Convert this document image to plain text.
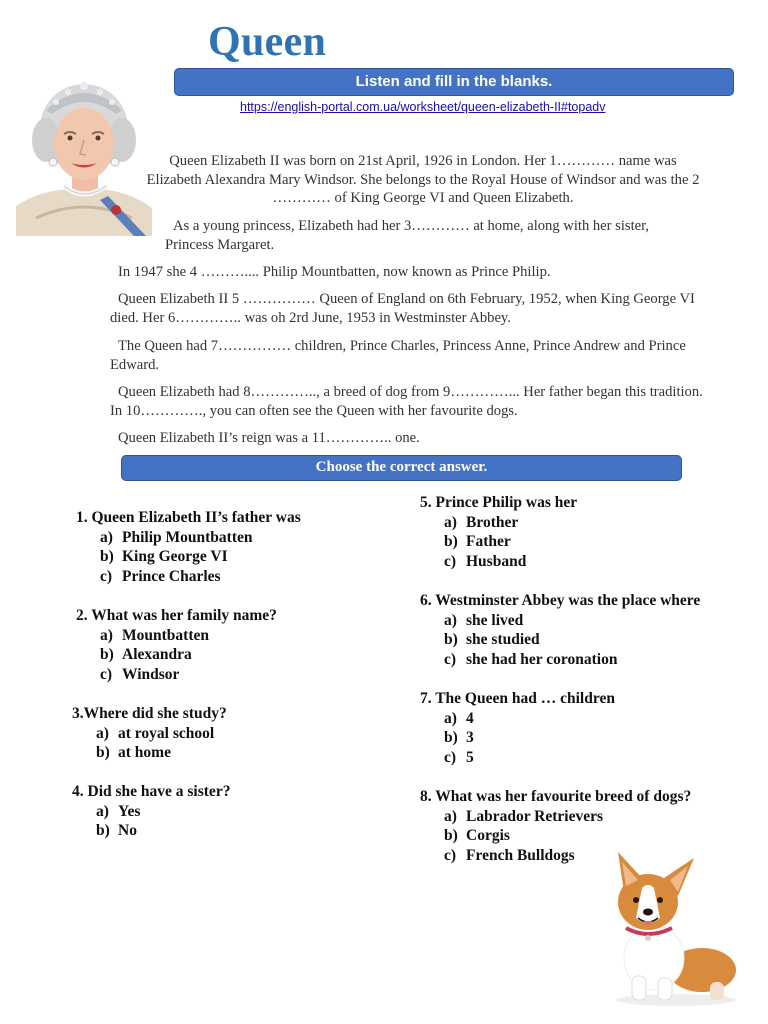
Queen
Listen and fill in the blanks.
https://english-portal.com.ua/worksheet/queen-elizabeth-II#topadv
Queen Elizabeth II was born on 21st April, 1926 in London. Her 1………… name was Elizabeth Alexandra Mary Windsor. She belongs to the Royal House of Windsor and was the 2 ………… of King George VI and Queen Elizabeth.
As a young princess, Elizabeth had her 3………… at home, along with her sister, Princess Margaret.
In 1947 she 4 ……….... Philip Mountbatten, now known as Prince Philip.
Queen Elizabeth II 5 …………… Queen of England on 6th February, 1952, when King George VI died. Her 6………….. was oh 2rd June, 1953 in Westminster Abbey.
The Queen had 7…………… children, Prince Charles, Princess Anne, Prince Andrew and Prince Edward.
Queen Elizabeth had 8………….., a breed of dog from 9…………... Her father began this tradition. In 10…………., you can often see the Queen with her favourite dogs.
Queen Elizabeth II’s reign was a 11………….. one.
Choose the correct answer.
1. Queen Elizabeth II’s father was
a) Philip Mountbatten
b) King George VI
c) Prince Charles
2. What was her family name?
a) Mountbatten
b) Alexandra
c) Windsor
3.Where did she study?
a) at royal school
b) at home
4. Did she have a sister?
a) Yes
b) No
5. Prince Philip was her
a) Brother
b) Father
c) Husband
6. Westminster Abbey was the place where
a) she lived
b) she studied
c) she had her coronation
7. The Queen had … children
a) 4
b) 3
c) 5
8. What was her favourite breed of dogs?
a) Labrador Retrievers
b) Corgis
c) French Bulldogs
